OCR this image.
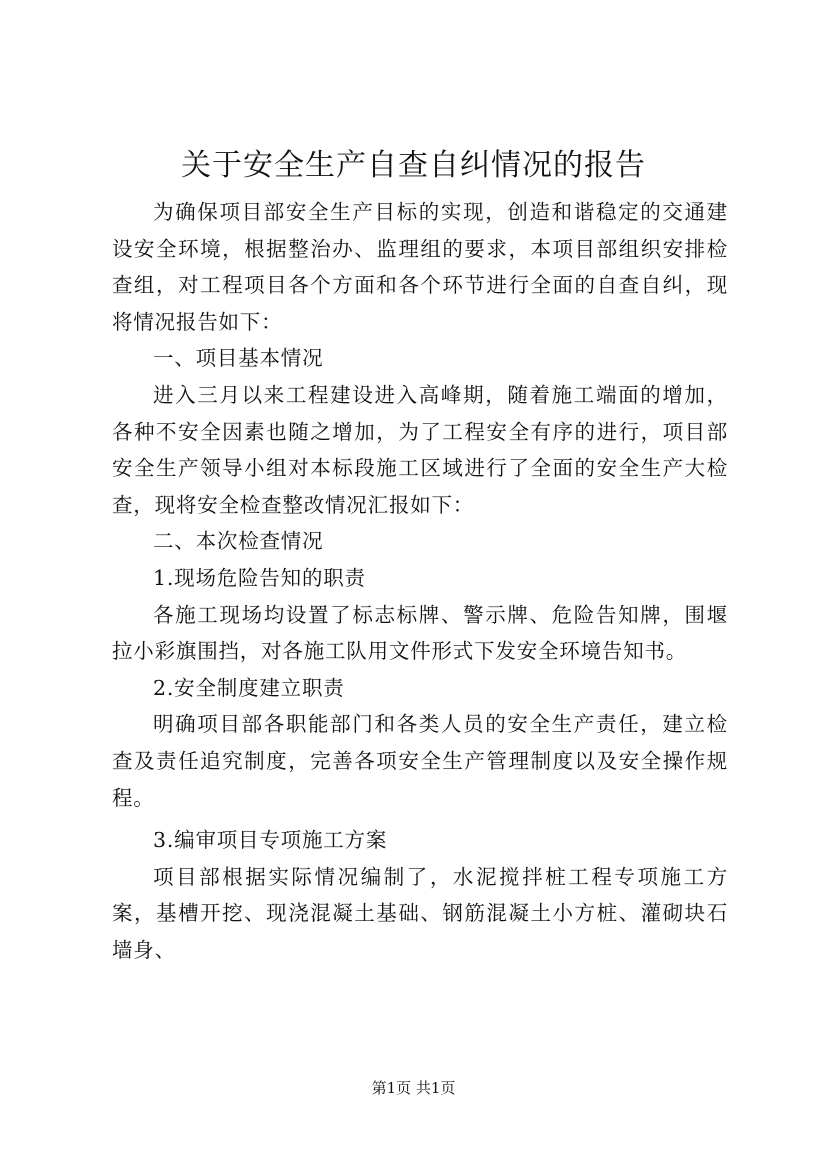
关于安全生产自查自纠情况的报告

为确保项目部安全生产目标的实现，创造和谐稳定的交通建设安全环境，根据整治办、监理组的要求，本项目部组织安排检查组，对工程项目各个方面和各个环节进行全面的自查自纠，现将情况报告如下：

一、项目基本情况

进入三月以来工程建设进入高峰期，随着施工端面的增加，各种不安全因素也随之增加，为了工程安全有序的进行，项目部安全生产领导小组对本标段施工区域进行了全面的安全生产大检查，现将安全检查整改情况汇报如下：

二、本次检查情况

1.现场危险告知的职责

各施工现场均设置了标志标牌、警示牌、危险告知牌，围堰拉小彩旗围挡，对各施工队用文件形式下发安全环境告知书。

2.安全制度建立职责

明确项目部各职能部门和各类人员的安全生产责任，建立检查及责任追究制度，完善各项安全生产管理制度以及安全操作规程。

3.编审项目专项施工方案

项目部根据实际情况编制了，水泥搅拌桩工程专项施工方案，基槽开挖、现浇混凝土基础、钢筋混凝土小方桩、灌砌块石墙身、

第1页 共1页
